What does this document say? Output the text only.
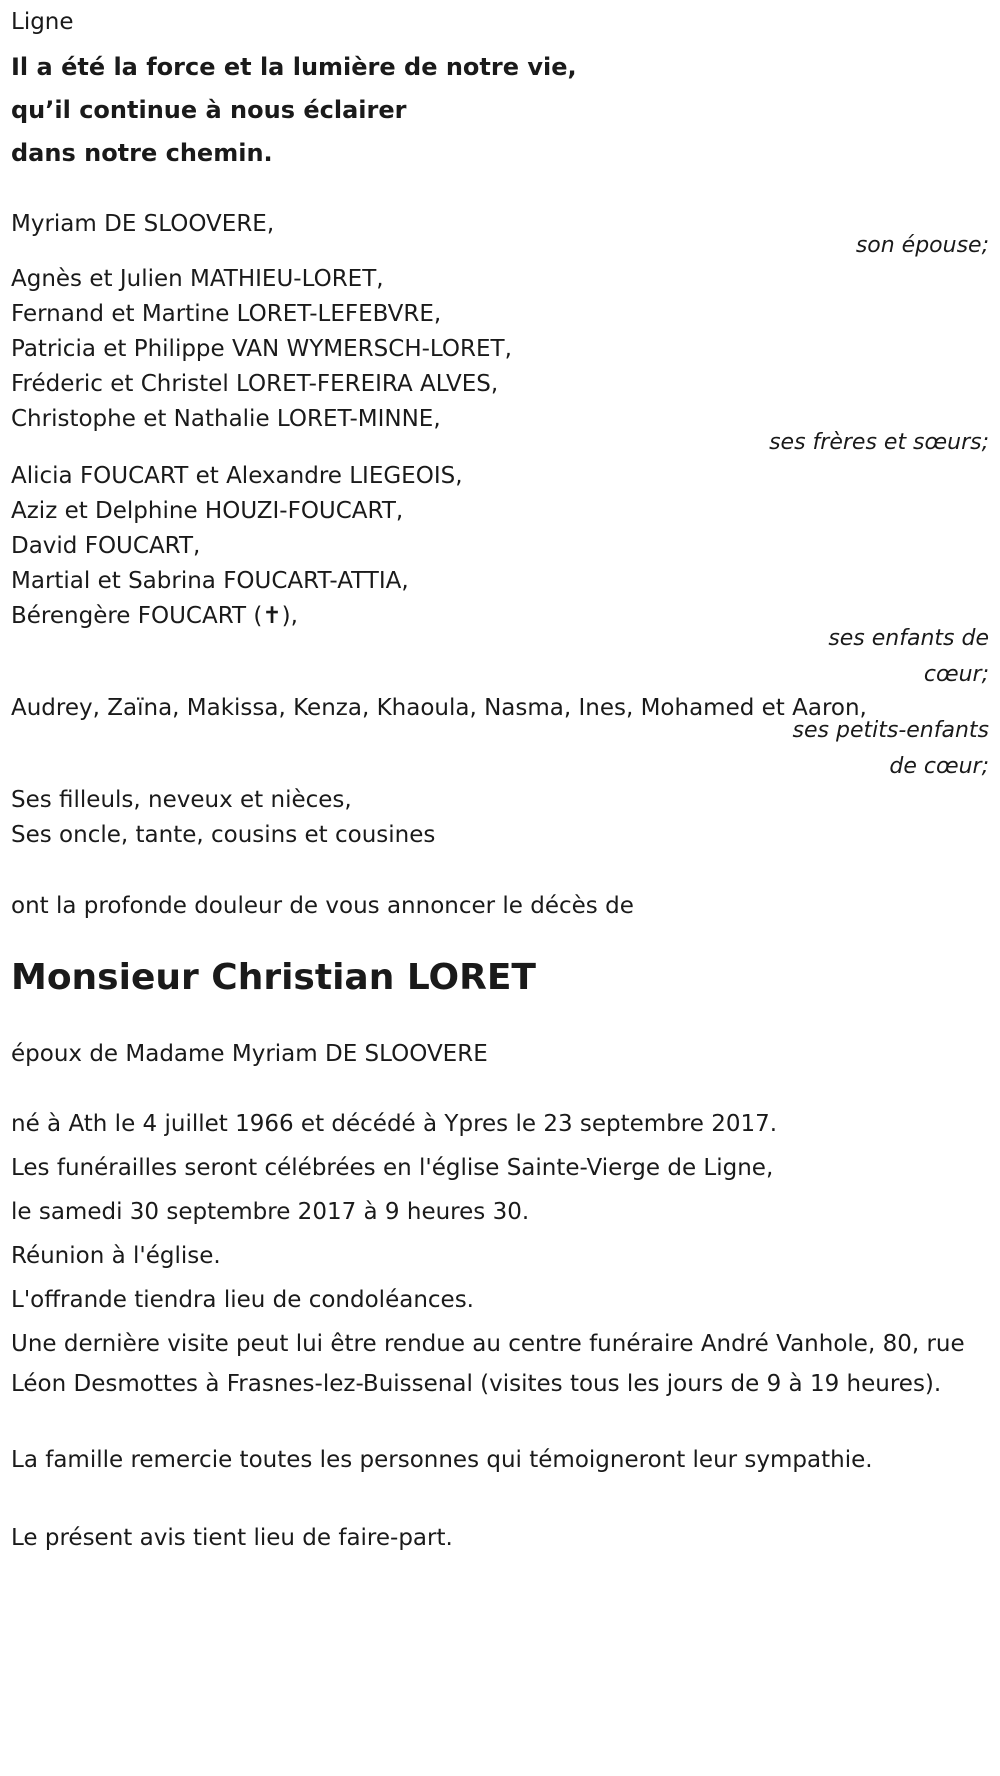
Ligne
Il a été la force et la lumière de notre vie,
qu’il continue à nous éclairer
dans notre chemin.
Myriam DE SLOOVERE,
son épouse;
Agnès et Julien MATHIEU-LORET,
Fernand et Martine LORET-LEFEBVRE,
Patricia et Philippe VAN WYMERSCH-LORET,
Fréderic et Christel LORET-FEREIRA ALVES,
Christophe et Nathalie LORET-MINNE,
ses frères et sœurs;
Alicia FOUCART et Alexandre LIEGEOIS,
Aziz et Delphine HOUZI-FOUCART,
David FOUCART,
Martial et Sabrina FOUCART-ATTIA,
Bérengère FOUCART (✝),
ses enfants de
cœur;
Audrey, Zaïna, Makissa, Kenza, Khaoula, Nasma, Ines, Mohamed et Aaron,
ses petits-enfants
de cœur;
Ses filleuls, neveux et nièces,
Ses oncle, tante, cousins et cousines
ont la profonde douleur de vous annoncer le décès de
Monsieur Christian LORET
époux de Madame Myriam DE SLOOVERE
né à Ath le 4 juillet 1966 et décédé à Ypres le 23 septembre 2017.
Les funérailles seront célébrées en l'église Sainte-Vierge de Ligne,
le samedi 30 septembre 2017 à 9 heures 30.
Réunion à l'église.
L'offrande tiendra lieu de condoléances.
Une dernière visite peut lui être rendue au centre funéraire André Vanhole, 80, rue Léon Desmottes à Frasnes-lez-Buissenal (visites tous les jours de 9 à 19 heures).
La famille remercie toutes les personnes qui témoigneront leur sympathie.
Le présent avis tient lieu de faire-part.
